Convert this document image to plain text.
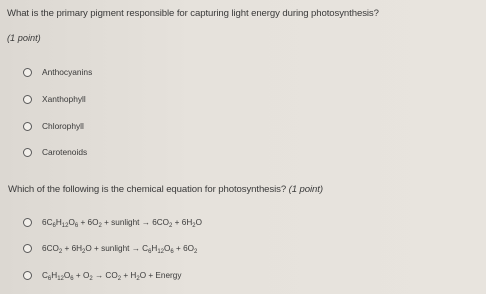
What is the primary pigment responsible for capturing light energy during photosynthesis?
(1 point)
Anthocyanins
Xanthophyll
Chlorophyll
Carotenoids
Which of the following is the chemical equation for photosynthesis? (1 point)
$6C_6H_{12}O_6 + 6O_2$ + sunlight → $6CO_2 + 6H_2O$
$6CO_2 + 6H_2O$ + sunlight → $C_6H_{12}O_6 + 6O_2$
$C_6H_{12}O_6 + O_2 \to CO_2 + H_2O$ + Energy
